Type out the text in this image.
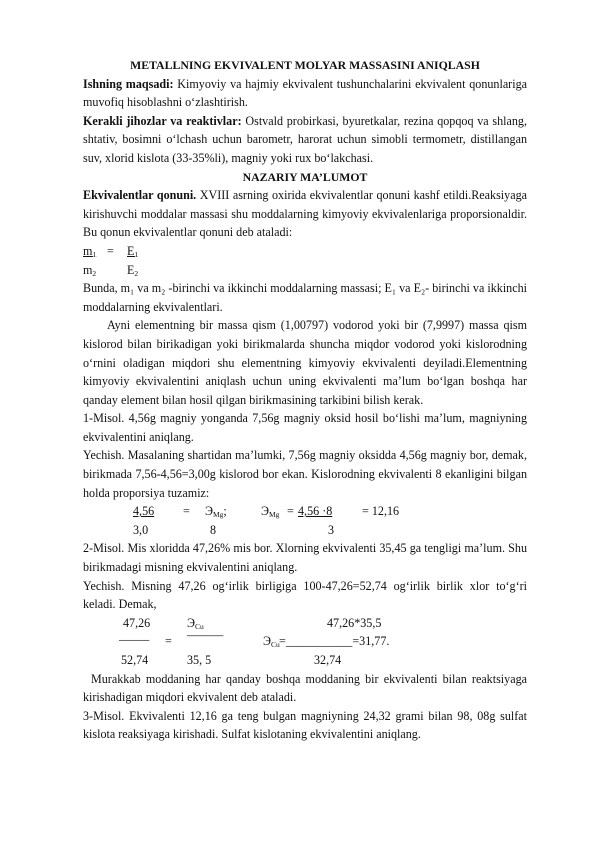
METALLNING EKVIVALENT MOLYAR MASSASINI ANIQLASH

Ishning maqsadi: Kimyoviy va hajmiy ekvivalent tushunchalarini ekvivalent qonunlariga muvofiq hisoblashni o‘zlashtirish.

Kerakli jihozlar va reaktivlar: Ostvald probirkasi, byuretkalar, rezina qopqoq va shlang, shtativ, bosimni o‘lchash uchun barometr, harorat uchun simobli termometr, distillangan suv, xlorid kislota (33-35%li), magniy yoki rux bo‘lakchasi.

NAZARIY MA’LUMOT

Ekvivalentlar qonuni. XVIII asrning oxirida ekvivalentlar qonuni kashf etildi.Reaksiyaga kirishuvchi moddalar massasi shu moddalarning kimyoviy ekvivalenlariga proporsionaldir. Bu qonun ekvivalentlar qonuni deb ataladi:

$m_1 = E_1$
$m_2$	$E_2$

Bunda, m₁ va m₂ -birinchi va ikkinchi moddalarning massasi; E₁ va E₂- birinchi va ikkinchi moddalarning ekvivalentlari.

Ayni elementning bir massa qism (1,00797) vodorod yoki bir (7,9997) massa qism kislorod bilan birikadigan yoki birikmalarda shuncha miqdor vodorod yoki kislorodning o‘rnini oladigan miqdori shu elementning kimyoviy ekvivalenti deyiladi.Elementning kimyoviy ekvivalentini aniqlash uchun uning ekvivalenti ma’lum bo‘lgan boshqa har qanday element bilan hosil qilgan birikmasining tarkibini bilish kerak.

1-Misol. 4,56g magniy yonganda 7,56g magniy oksid hosil bo‘lishi ma’lum, magniyning ekvivalentini aniqlang.

Yechish. Masalaning shartidan ma’lumki, 7,56g magniy oksidda 4,56g magniy bor, demak, birikmada 7,56-4,56=3,00g kislorod bor ekan. Kislorodning ekvivalenti 8 ekanligini bilgan holda proporsiya tuzamiz:

$4,56 = Э_{Mg}$;	$Э_{Mg} = 4,56 \cdot 8 = 12,16$
3,0	8	3

2-Misol. Mis xloridda 47,26% mis bor. Xlorning ekvivalenti 35,45 ga tengligi ma’lum. Shu birikmadagi misning ekvivalentini aniqlang.

Yechish. Misning 47,26 og‘irlik birligiga 100-47,26=52,74 og‘irlik birlik xlor to‘g‘ri keladi. Demak,

47,26	$Э_{Cu}$	47,26*35,5
_____ = ———	$Э_{Cu}$ =___________=31,77.
52,74	35, 5	32,74

Murakkab moddaning har qanday boshqa moddaning bir ekvivalenti bilan reaktsiyaga kirishadigan miqdori ekvivalent deb ataladi.

3-Misol. Ekvivalenti 12,16 ga teng bulgan magniyning 24,32 grami bilan 98, 08g sulfat kislota reaksiyaga kirishadi. Sulfat kislotaning ekvivalentini aniqlang.
